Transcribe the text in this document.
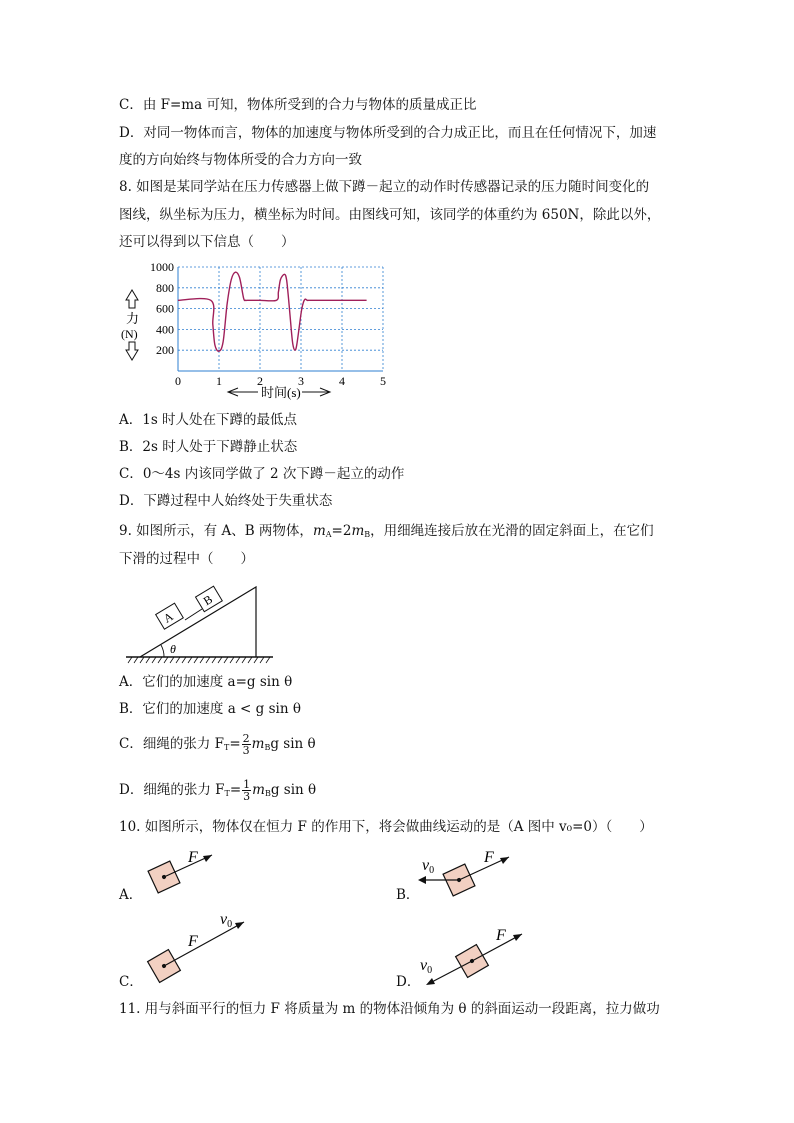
C．由 F=ma 可知，物体所受到的合力与物体的质量成正比
D．对同一物体而言，物体的加速度与物体所受到的合力成正比，而且在任何情况下，加速
度的方向始终与物体所受的合力方向一致
8. 如图是某同学站在压力传感器上做下蹲－起立的动作时传感器记录的压力随时间变化的
图线，纵坐标为压力，横坐标为时间。由图线可知，该同学的体重约为 650N，除此以外，
还可以得到以下信息（　　）
200
400
600
800
1000
0	1	2	3	4	5
力
(N)
时间(s)
A．1s 时人处在下蹲的最低点
B．2s 时人处于下蹲静止状态
C．0～4s 内该同学做了 2 次下蹲－起立的动作
D．下蹲过程中人始终处于失重状态
9. 如图所示，有 A、B 两物体，$m_A=2m_B$，用细绳连接后放在光滑的固定斜面上，在它们
下滑的过程中（　　）
θ
A
B
A．它们的加速度 a=g sin θ
B．它们的加速度 a < g sin θ
C．细绳的张力 $F_T= \frac{2}{3} m_Bg$ sin θ
D．细绳的张力 $F_T= \frac{1}{3} m_Bg$ sin θ
10. 如图所示，物体仅在恒力 F 的作用下，将会做曲线运动的是（A 图中 v₀=0）（　　）
A．
F
B．
F
v0
C．
F
v0
D．
F
v0
11. 用与斜面平行的恒力 F 将质量为 m 的物体沿倾角为 θ 的斜面运动一段距离，拉力做功
